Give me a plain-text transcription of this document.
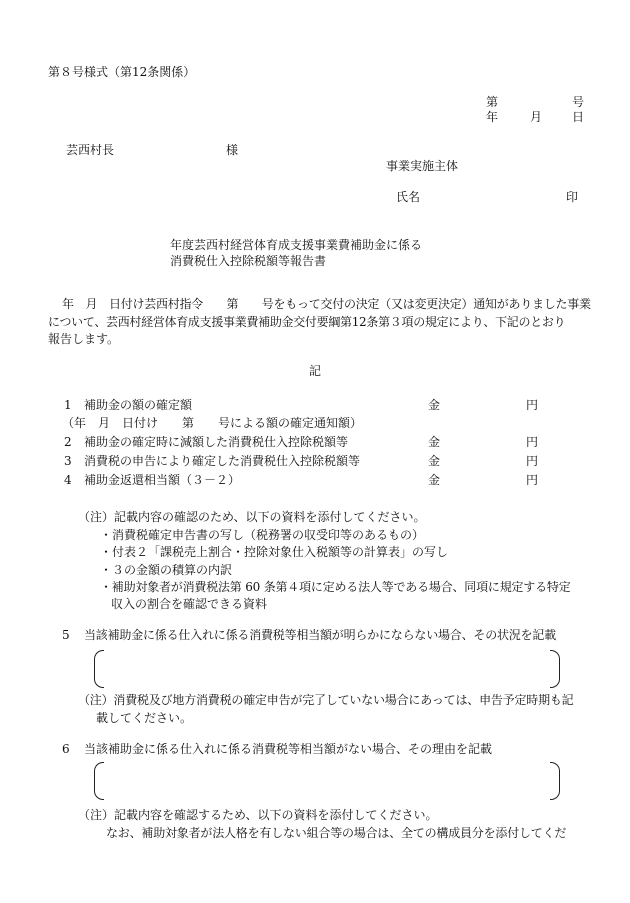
第８号様式（第12条関係）
第	号
年	月 日
芸西村長	様
事業実施主体
氏名	印
年度芸西村経営体育成支援事業費補助金に係る
消費税仕入控除税額等報告書
年　月　日付け芸西村指令　　第　　号をもって交付の決定（又は変更決定）通知がありました事業
について、芸西村経営体育成支援事業費補助金交付要綱第12条第３項の規定により、下記のとおり
報告します。
記
1 補助金の額の確定額	金	円
（年　月　日付け　　第　　号による額の確定通知額）
2 補助金の確定時に減額した消費税仕入控除税額等	金	円
3 消費税の申告により確定した消費税仕入控除税額等	金	円
4 補助金返還相当額（３－２）	金	円
（注）記載内容の確認のため、以下の資料を添付してください。
・消費税確定申告書の写し（税務署の収受印等のあるもの）
・付表２「課税売上割合・控除対象仕入税額等の計算表」の写し
・３の金額の積算の内訳
・補助対象者が消費税法第 60 条第４項に定める法人等である場合、同項に規定する特定
収入の割合を確認できる資料
5 当該補助金に係る仕入れに係る消費税等相当額が明らかにならない場合、その状況を記載
（注）消費税及び地方消費税の確定申告が完了していない場合にあっては、申告予定時期も記
載してください。
6 当該補助金に係る仕入れに係る消費税等相当額がない場合、その理由を記載
（注）記載内容を確認するため、以下の資料を添付してください。
なお、補助対象者が法人格を有しない組合等の場合は、全ての構成員分を添付してくだ
